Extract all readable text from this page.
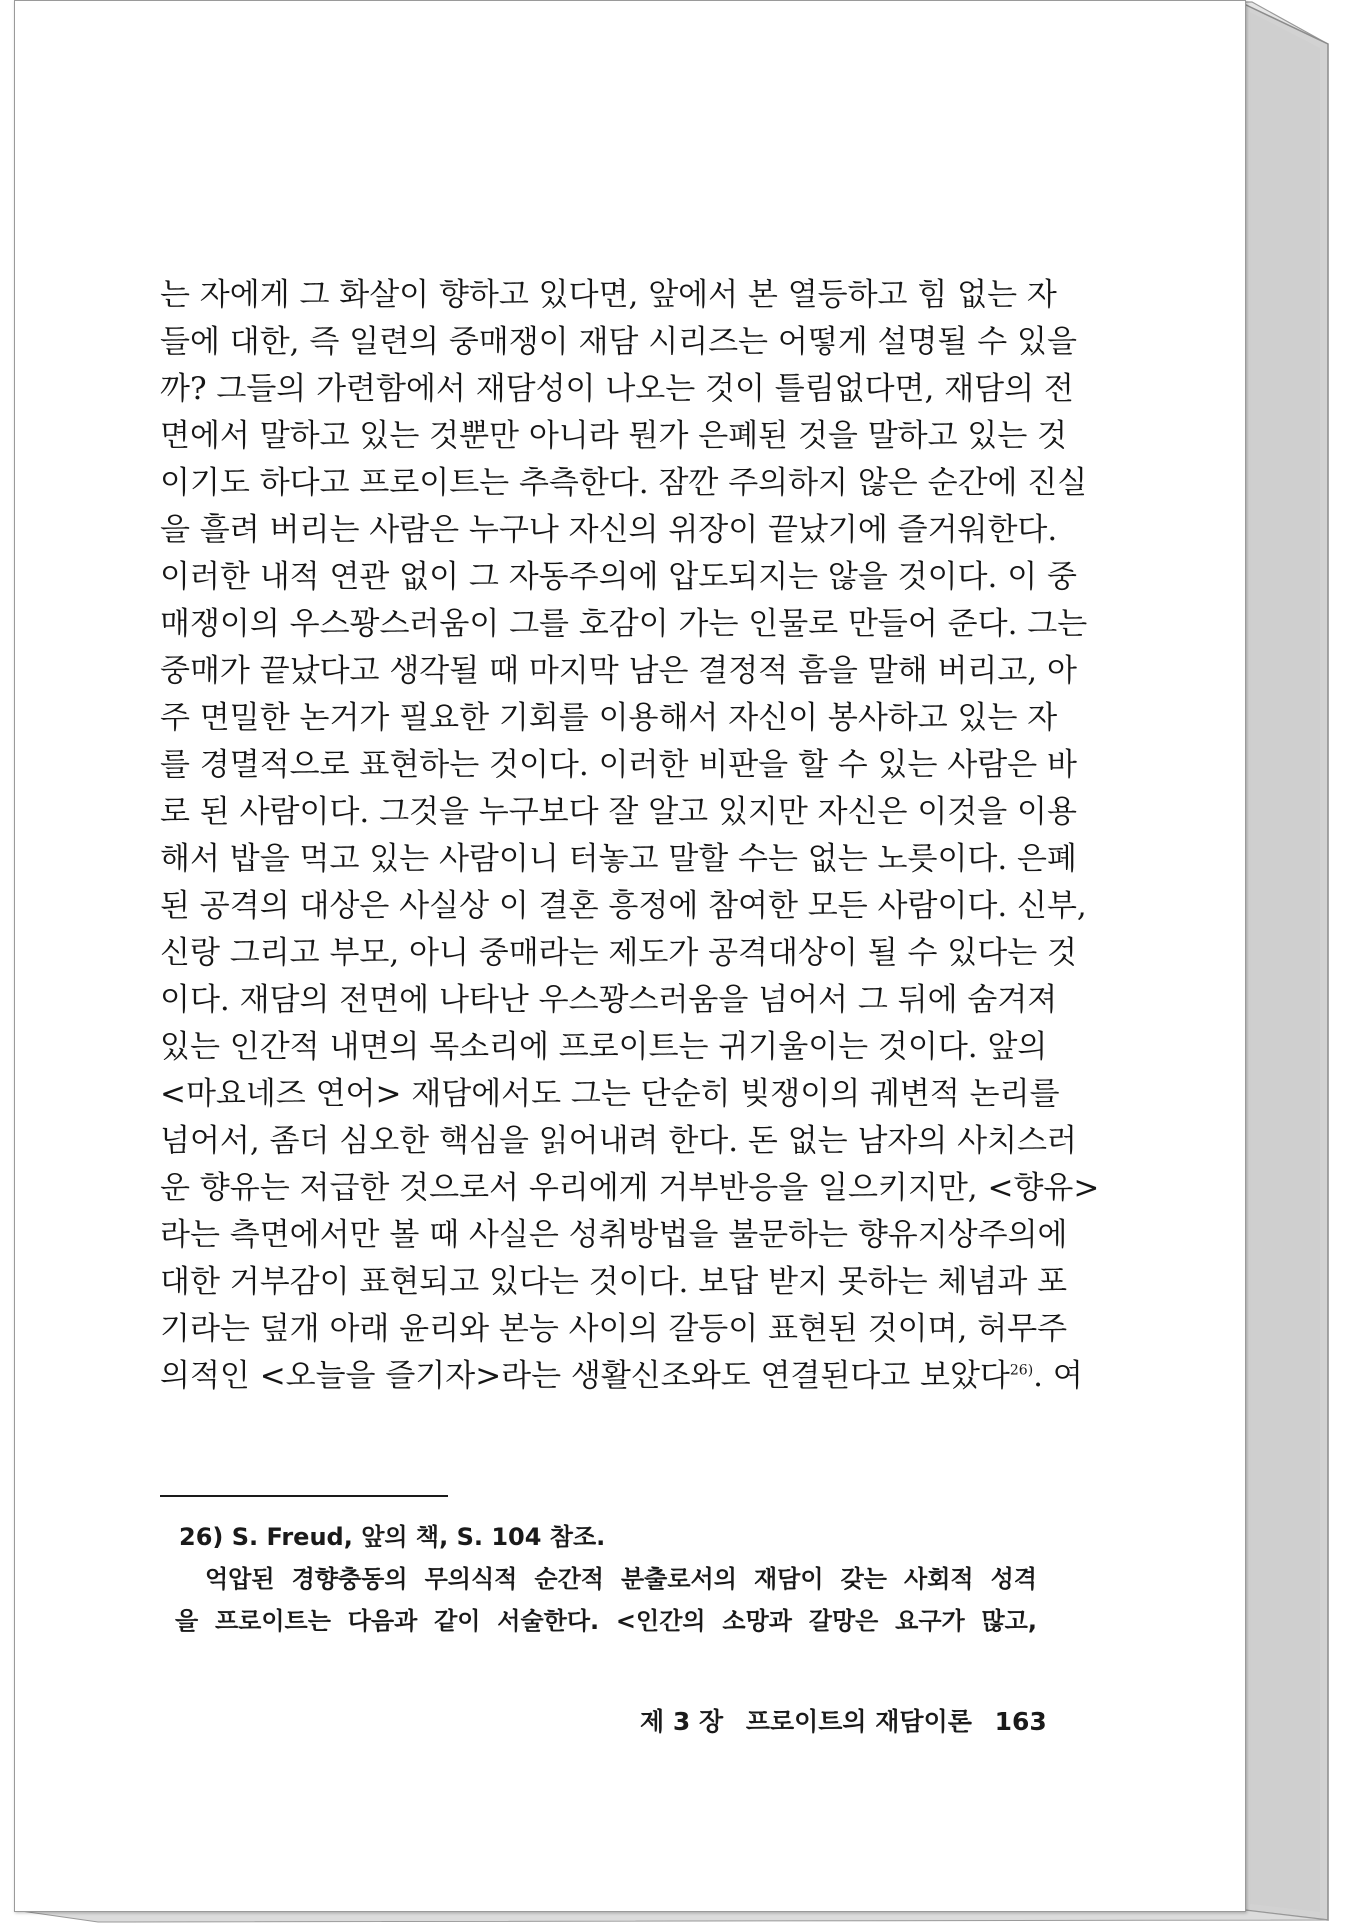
는 자에게 그 화살이 향하고 있다면, 앞에서 본 열등하고 힘 없는 자
들에 대한, 즉 일련의 중매쟁이 재담 시리즈는 어떻게 설명될 수 있을
까? 그들의 가련함에서 재담성이 나오는 것이 틀림없다면, 재담의 전
면에서 말하고 있는 것뿐만 아니라 뭔가 은폐된 것을 말하고 있는 것
이기도 하다고 프로이트는 추측한다. 잠깐 주의하지 않은 순간에 진실
을 흘려 버리는 사람은 누구나 자신의 위장이 끝났기에 즐거워한다.
이러한 내적 연관 없이 그 자동주의에 압도되지는 않을 것이다. 이 중
매쟁이의 우스꽝스러움이 그를 호감이 가는 인물로 만들어 준다. 그는
중매가 끝났다고 생각될 때 마지막 남은 결정적 흠을 말해 버리고, 아
주 면밀한 논거가 필요한 기회를 이용해서 자신이 봉사하고 있는 자
를 경멸적으로 표현하는 것이다. 이러한 비판을 할 수 있는 사람은 바
로 된 사람이다. 그것을 누구보다 잘 알고 있지만 자신은 이것을 이용
해서 밥을 먹고 있는 사람이니 터놓고 말할 수는 없는 노릇이다. 은폐
된 공격의 대상은 사실상 이 결혼 흥정에 참여한 모든 사람이다. 신부,
신랑 그리고 부모, 아니 중매라는 제도가 공격대상이 될 수 있다는 것
이다. 재담의 전면에 나타난 우스꽝스러움을 넘어서 그 뒤에 숨겨져
있는 인간적 내면의 목소리에 프로이트는 귀기울이는 것이다. 앞의
<마요네즈 연어> 재담에서도 그는 단순히 빚쟁이의 궤변적 논리를
넘어서, 좀더 심오한 핵심을 읽어내려 한다. 돈 없는 남자의 사치스러
운 향유는 저급한 것으로서 우리에게 거부반응을 일으키지만, <향유>
라는 측면에서만 볼 때 사실은 성취방법을 불문하는 향유지상주의에
대한 거부감이 표현되고 있다는 것이다. 보답 받지 못하는 체념과 포
기라는 덮개 아래 윤리와 본능 사이의 갈등이 표현된 것이며, 허무주
의적인 <오늘을 즐기자>라는 생활신조와도 연결된다고 보았다$^{26)}$. 여
26) S. Freud, 앞의 책, S. 104 참조.
억압된 경향충동의 무의식적 순간적 분출로서의 재담이 갖는 사회적 성격
을 프로이트는 다음과 같이 서술한다. <인간의 소망과 갈망은 요구가 많고,
제 3 장 프로이트의 재담이론 163
